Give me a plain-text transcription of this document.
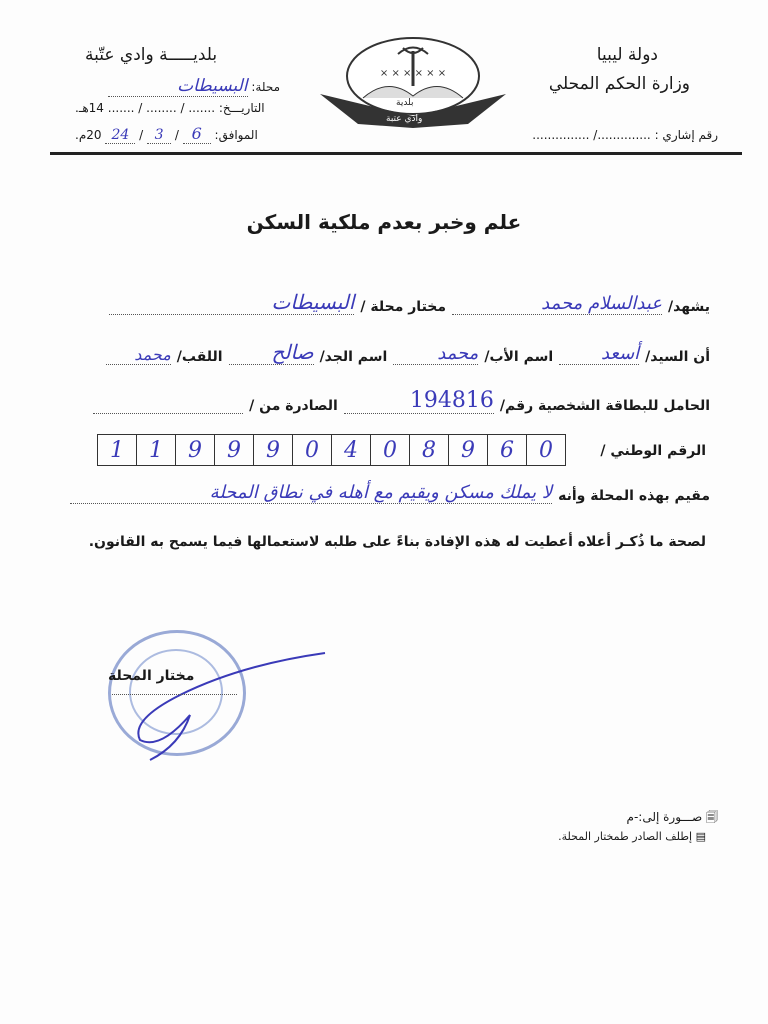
دولة ليبيا
وزارة الحكم المحلي
رقم إشاري : ............../ ...............
× × × × × ×
بلدية
وادي عتبة
بلديـــــة وادي عتّبة
محلة: البسيطات
التاريـــخ: ....... / ........ / ....... 14هـ.
الموافق: 6 / 3 / 24 20م.
علم وخبر بعدم ملكية السكن
يشهد/
عبدالسلام محمد
مختار محلة /
البسيطات
أن السيد/
أسعد
اسم الأب/
محمد
اسم الجد/
صالح
اللقب/
محمد
الحامل للبطاقة الشخصية رقم/
194816
الصادرة من /
الرقم الوطني /
1	1	9	9	9	0	4	0	8	9	6	0
مقيم بهذه المحلة وأنه
لا يملك مسكن ويقيم مع أهله في نطاق المحلة
لصحة ما ذُكـر أعلاه أعطيت له هذه الإفادة بناءً على طلبه لاستعمالها فيما يسمح به القانون.
مختار المحلة
🗐 صـــورة إلى:-م
▤ إطلف الصادر طمختار المحلة.
